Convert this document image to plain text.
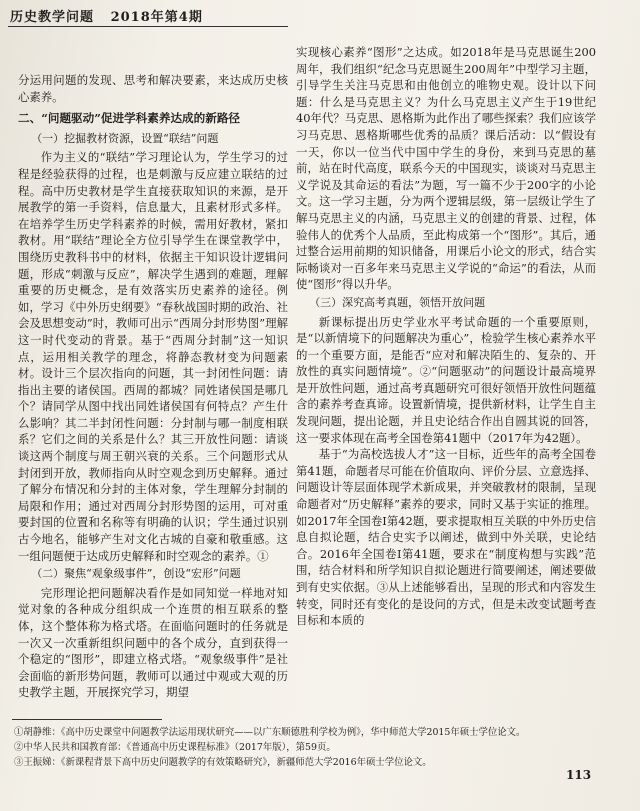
历史教学问题 2018年第4期

分运用问题的发现、思考和解决要素，来达成历史核心素养。

二、“问题驱动”促进学科素养达成的新路径
（一）挖掘教材资源，设置“联结”问题

作为主义的“联结”学习理论认为，学生学习的过程是经验获得的过程，也是刺激与反应建立联结的过程。高中历史教材是学生直接获取知识的来源，是开展教学的第一手资料，信息量大，且素材形式多样。在培养学生历史学科素养的时候，需用好教材，紧扣教材。用“联结”理论全方位引导学生在课堂教学中，围绕历史教科书中的材料，依据主干知识设计逻辑问题，形成“刺激与反应”，解决学生遇到的难题，理解重要的历史概念，是有效落实历史素养的途径。例如，学习《中外历史纲要》“春秋战国时期的政治、社会及思想变动”时，教师可出示“西周分封形势图”理解这一时代变动的背景。基于“西周分封制”这一知识点，运用相关教学的理念，将静态教材变为问题素材。设计三个层次指向的问题，其一封闭性问题：请指出主要的诸侯国。西周的都城？同姓诸侯国是哪几个？请同学从图中找出同姓诸侯国有何特点？产生什么影响？其二半封闭性问题：分封制与哪一制度相联系？它们之间的关系是什么？其三开放性问题：请谈谈这两个制度与周王朝兴衰的关系。三个问题形式从封闭到开放，教师指向从时空观念到历史解释。通过了解分布情况和分封的主体对象，学生理解分封制的局限和作用；通过对西周分封形势图的运用，可对重要封国的位置和名称等有明确的认识；学生通过识别古今地名，能够产生对文化古城的自豪和敬重感。这一组问题便于达成历史解释和时空观念的素养。①

（二）聚焦“观象级事件”，创设“宏形”问题

完形理论把问题解决看作是如同知觉一样地对知觉对象的各种成分组织成一个连贯的相互联系的整体，这个整体称为格式塔。在面临问题时的任务就是一次又一次重新组织问题中的各个成分，直到获得一个稳定的“图形”，即建立格式塔。“观象级事件”是社会面临的新形势问题，教师可以通过中观或大观的历史教学主题，开展探究学习，期望

实现核心素养“图形”之达成。如2018年是马克思诞生200周年，我们组织“纪念马克思诞生200周年”中型学习主题，引导学生关注马克思和由他创立的唯物史观。设计以下问题：什么是马克思主义？为什么马克思主义产生于19世纪40年代？马克思、恩格斯为此作出了哪些探索？我们应该学习马克思、恩格斯哪些优秀的品质？课后活动：以“假设有一天，你以一位当代中国中学生的身份，来到马克思的墓前，站在时代高度，联系今天的中国现实，谈谈对马克思主义学说及其命运的看法”为题，写一篇不少于200字的小论文。这一学习主题，分为两个逻辑层级，第一层级让学生了解马克思主义的内涵，马克思主义的创建的背景、过程，体验伟人的优秀个人品质，至此构成第一个“图形”。其后，通过整合运用前期的知识储备，用课后小论文的形式，结合实际畅谈对一百多年来马克思主义学说的“命运”的看法，从而使“图形”得以升华。

（三）深究高考真题，领悟开放问题

新课标提出历史学业水平考试命题的一个重要原则，是“以新情境下的问题解决为重心”，检验学生核心素养水平的一个重要方面，是能否“应对和解决陌生的、复杂的、开放性的真实问题情境”。②“问题驱动”的问题设计最高境界是开放性问题，通过高考真题研究可很好领悟开放性问题蕴含的素养考查真谛。设置新情境，提供新材料，让学生自主发现问题，提出论题，并且史论结合作出自圆其说的回答，这一要求体现在高考全国卷第41题中（2017年为42题）。

基于“为高校选拔人才”这一目标，近些年的高考全国卷第41题，命题者尽可能在价值取向、评价分层、立意选择、问题设计等层面体现学术新成果，并突破教材的限制，呈现命题者对“历史解释”素养的要求，同时又基于实证的推理。如2017年全国卷Ⅰ第42题，要求提取相互关联的中外历史信息自拟论题，结合史实予以阐述，做到中外关联，史论结合。2016年全国卷Ⅰ第41题，要求在“制度构想与实践”范围，结合材料和所学知识自拟论题进行简要阐述，阐述要做到有史实依据。③从上述能够看出，呈现的形式和内容发生转变，同时还有变化的是设问的方式，但是未改变试题考查目标和本质的

①胡静维：《高中历史课堂中问题教学法运用现状研究——以广东顺德胜利学校为例》，华中师范大学2015年硕士学位论文。
②中华人民共和国教育部：《普通高中历史课程标准》（2017年版），第59页。
③王振娣：《新课程背景下高中历史问题教学的有效策略研究》，新疆师范大学2016年硕士学位论文。
113
